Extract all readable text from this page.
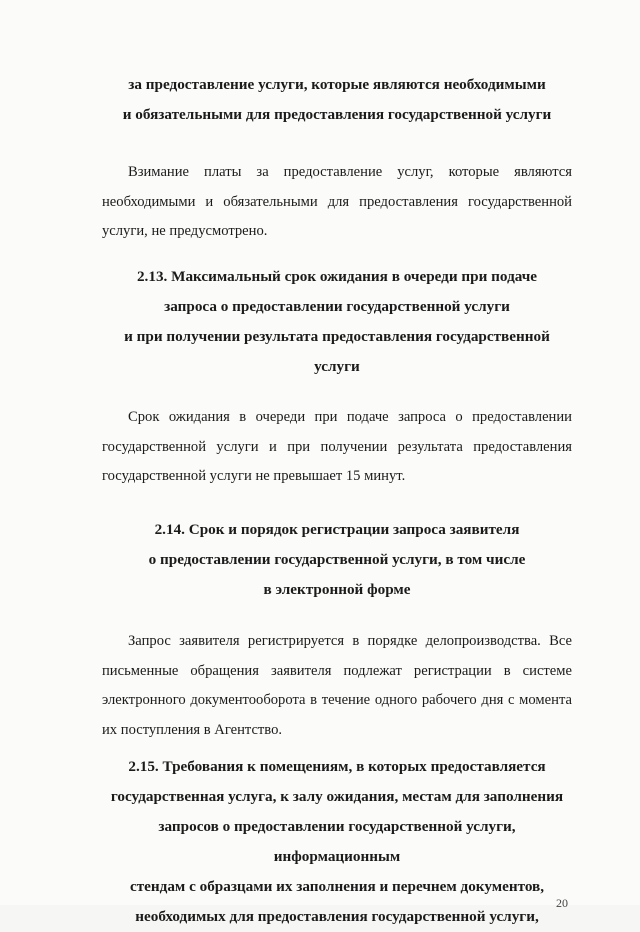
за предоставление услуги, которые являются необходимыми
и обязательными для предоставления государственной услуги

Взимание платы за предоставление услуг, которые являются необходимыми и обязательными для предоставления государственной услуги, не предусмотрено.

2.13. Максимальный срок ожидания в очереди при подаче
запроса о предоставлении государственной услуги
и при получении результата предоставления государственной
услуги

Срок ожидания в очереди при подаче запроса о предоставлении государственной услуги и при получении результата предоставления государственной услуги не превышает 15 минут.

2.14. Срок и порядок регистрации запроса заявителя
о предоставлении государственной услуги, в том числе
в электронной форме

Запрос заявителя регистрируется в порядке делопроизводства. Все письменные обращения заявителя подлежат регистрации в системе электронного документооборота в течение одного рабочего дня с момента их поступления в Агентство.

2.15. Требования к помещениям, в которых предоставляется
государственная услуга, к залу ожидания, местам для заполнения
запросов о предоставлении государственной услуги, информационным
стендам с образцами их заполнения и перечнем документов,
необходимых для предоставления государственной услуги,

20
